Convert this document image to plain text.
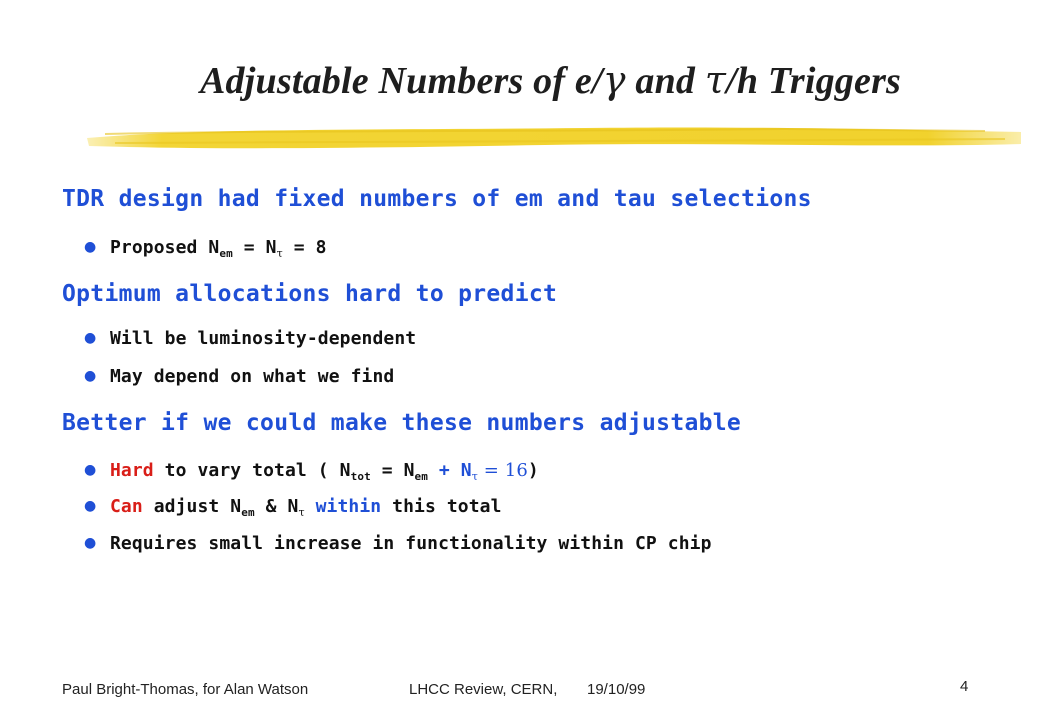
Adjustable Numbers of e/γ and τ/h Triggers
TDR design had fixed numbers of em and tau selections
● Proposed $N_{em} = N_\tau = 8$
Optimum allocations hard to predict
● Will be luminosity-dependent
● May depend on what we find
Better if we could make these numbers adjustable
● Hard to vary total ( $N_{tot} = N_{em} + N_\tau = 16$)
● Can adjust $N_{em}$ & $N_\tau$ within this total
● Requires small increase in functionality within CP chip
Paul Bright-Thomas, for Alan Watson	LHCC Review, CERN, 19/10/99	4
